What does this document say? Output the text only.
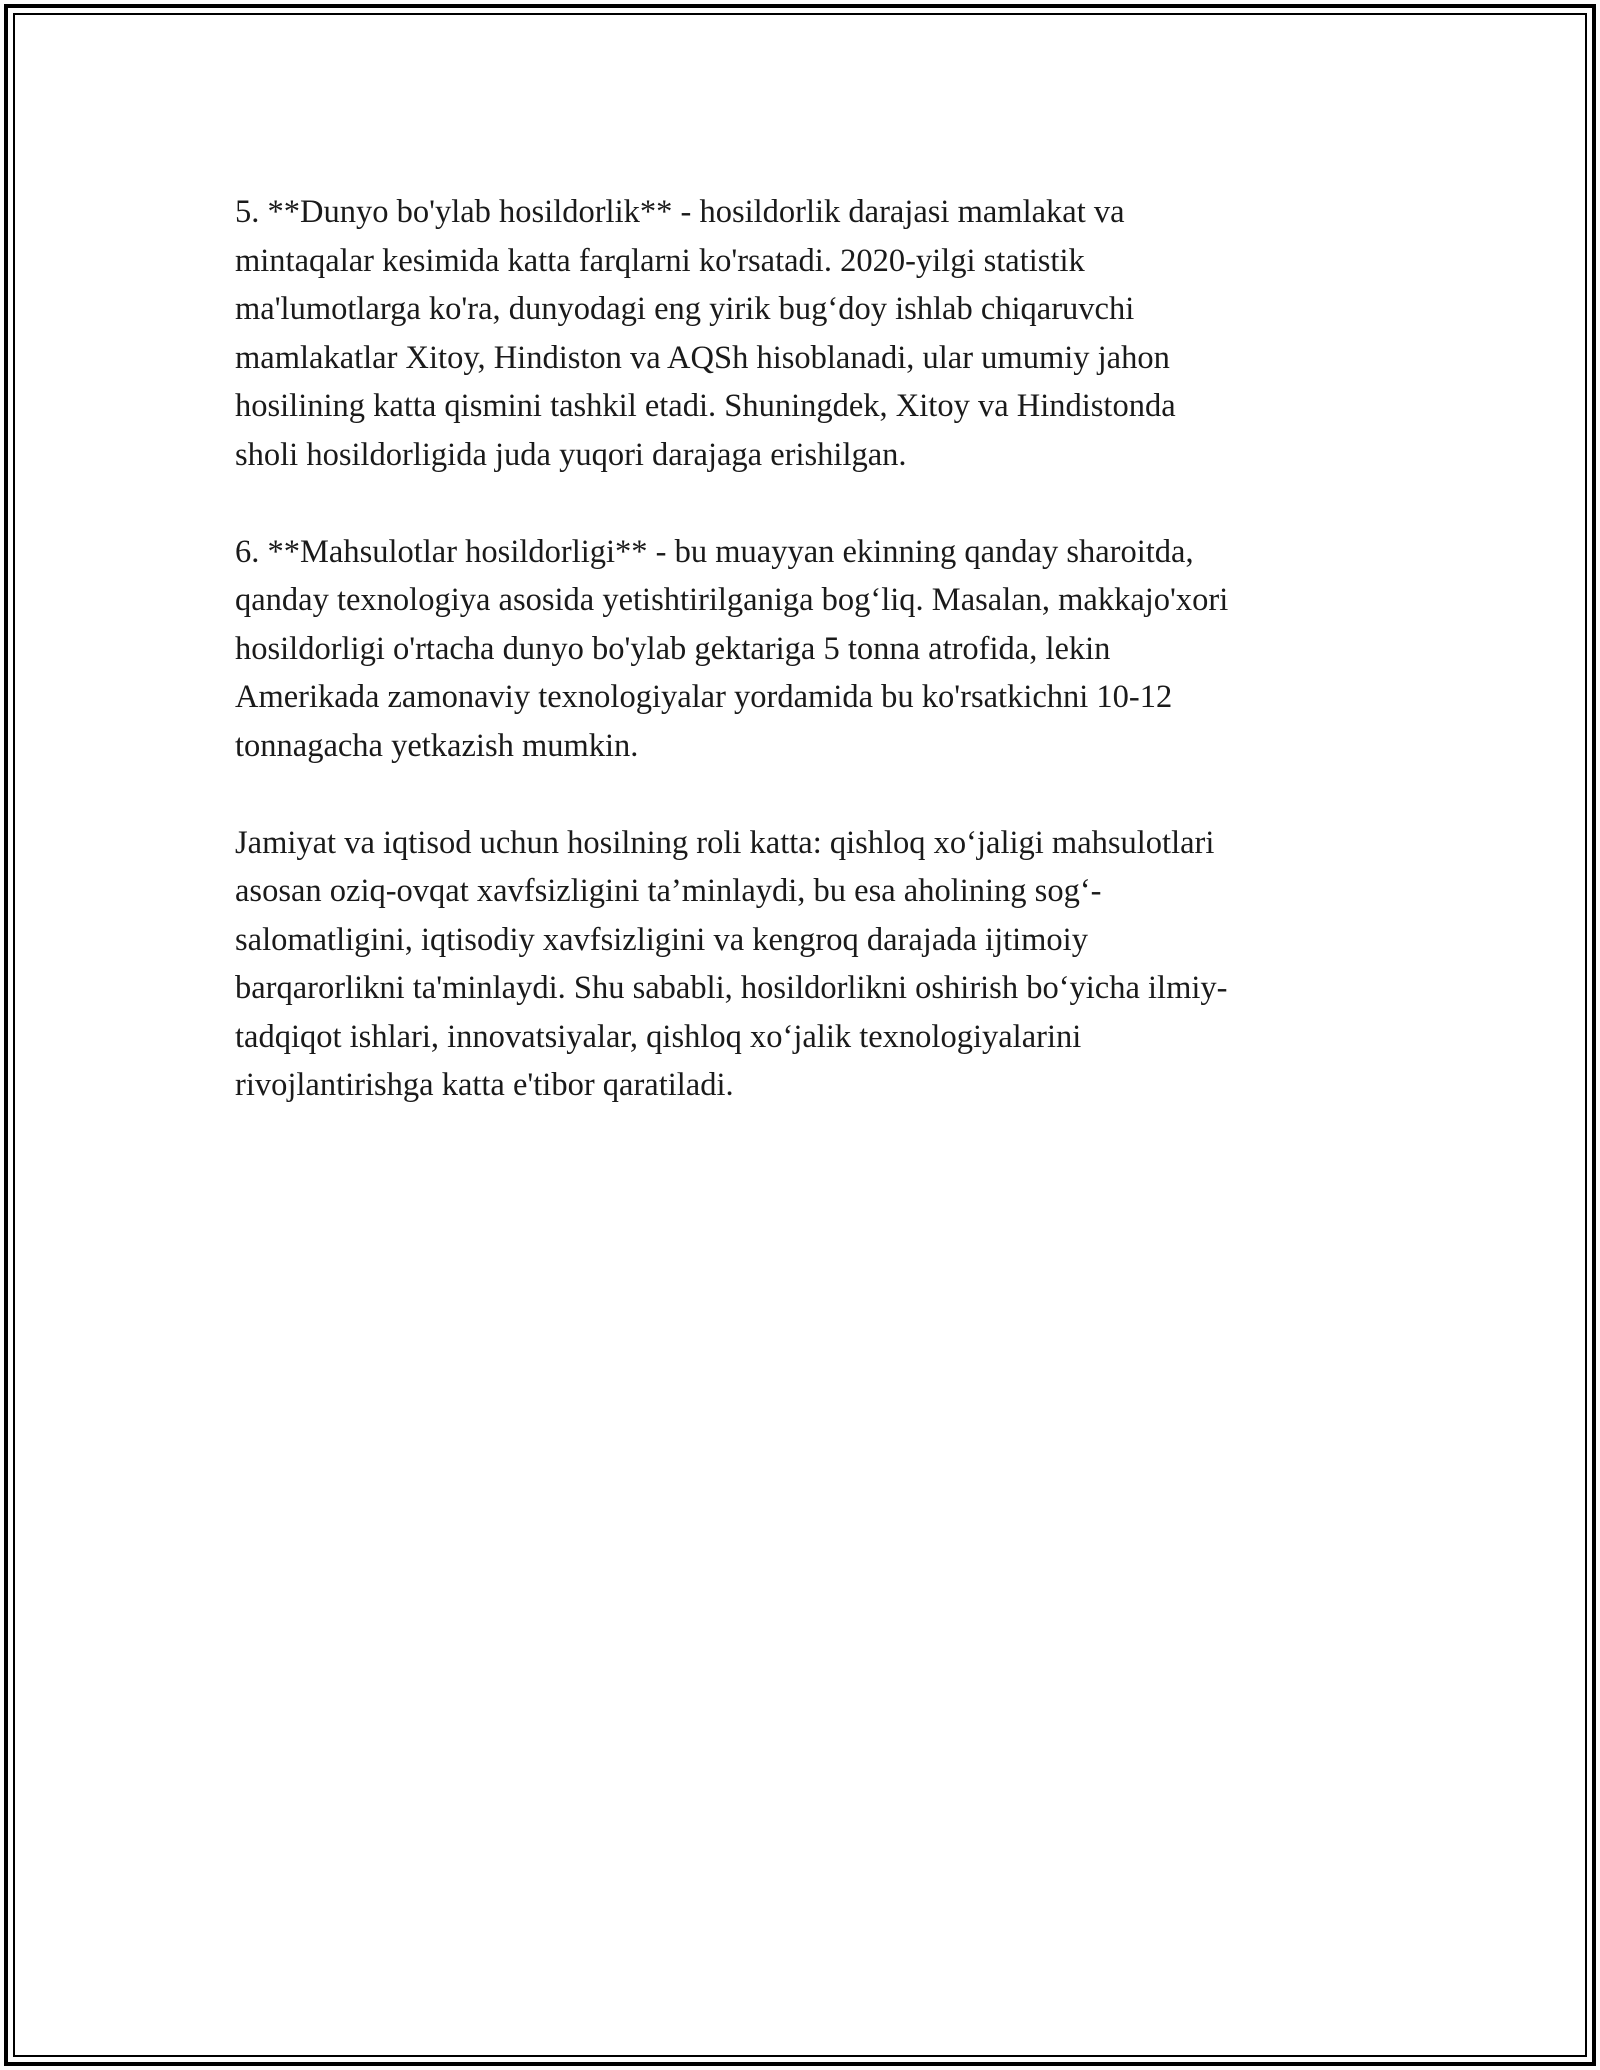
5. **Dunyo bo'ylab hosildorlik** - hosildorlik darajasi mamlakat va
mintaqalar kesimida katta farqlarni ko'rsatadi. 2020-yilgi statistik
ma'lumotlarga ko'ra, dunyodagi eng yirik bug‘doy ishlab chiqaruvchi
mamlakatlar Xitoy, Hindiston va AQSh hisoblanadi, ular umumiy jahon
hosilining katta qismini tashkil etadi. Shuningdek, Xitoy va Hindistonda
sholi hosildorligida juda yuqori darajaga erishilgan.

6. **Mahsulotlar hosildorligi** - bu muayyan ekinning qanday sharoitda,
qanday texnologiya asosida yetishtirilganiga bog‘liq. Masalan, makkajo'xori
hosildorligi o'rtacha dunyo bo'ylab gektariga 5 tonna atrofida, lekin
Amerikada zamonaviy texnologiyalar yordamida bu ko'rsatkichni 10-12
tonnagacha yetkazish mumkin.

Jamiyat va iqtisod uchun hosilning roli katta: qishloq xo‘jaligi mahsulotlari
asosan oziq-ovqat xavfsizligini ta’minlaydi, bu esa aholining sog‘-
salomatligini, iqtisodiy xavfsizligini va kengroq darajada ijtimoiy
barqarorlikni ta'minlaydi. Shu sababli, hosildorlikni oshirish bo‘yicha ilmiy-
tadqiqot ishlari, innovatsiyalar, qishloq xo‘jalik texnologiyalarini
rivojlantirishga katta e'tibor qaratiladi.
